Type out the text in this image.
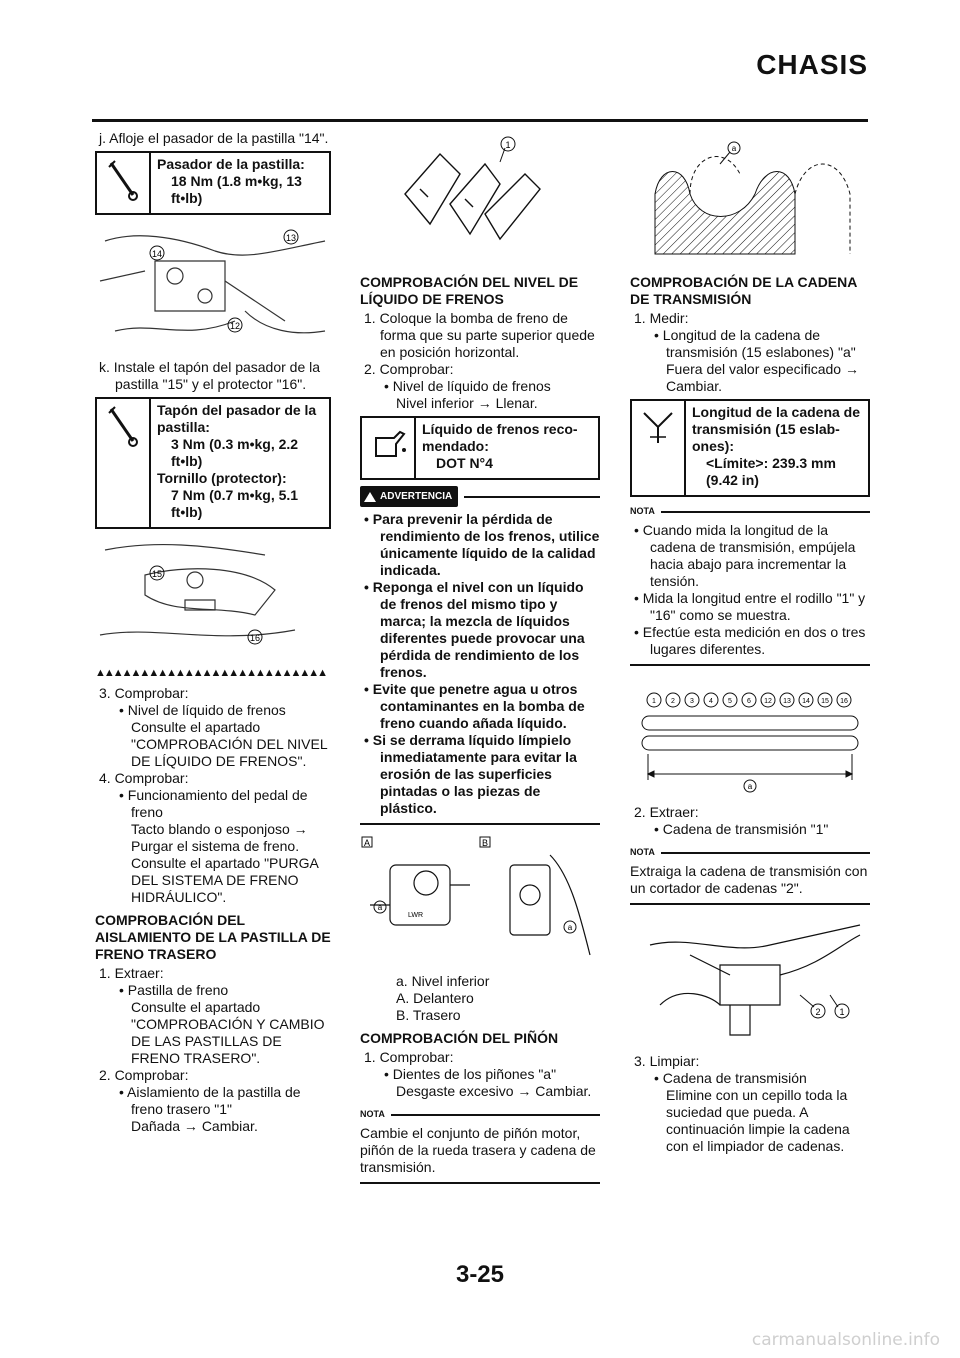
CHASIS

j. Afloje el pasador de la pastilla "14".

Pasador de la pastilla:
18 Nm (1.8 m•kg, 13
ft•lb)
13
14
12

k. Instale el tapón del pasador de la pastilla "15" y el protector "16".

Tapón del pasador de la
pastilla:
3 Nm (0.3 m•kg, 2.2
ft•lb)
Tornillo (protector):
7 Nm (0.7 m•kg, 5.1
ft•lb)
15
16
▲▲▲▲▲▲▲▲▲▲▲▲▲▲▲▲▲▲▲▲▲▲▲▲▲▲

3. Comprobar:

• Nivel de líquido de frenos

Consulte el apartado "COMPROBACIÓN DEL NIVEL DE LÍQUIDO DE FRENOS".

4. Comprobar:

• Funcionamiento del pedal de freno

Tacto blando o esponjoso → Purgar el sistema de freno.

Consulte el apartado "PURGA DEL SISTEMA DE FRENO HIDRÁULICO".

COMPROBACIÓN DEL AISLAMIENTO DE LA PASTILLA DE FRENO TRASERO

1. Extraer:

• Pastilla de freno

Consulte el apartado "COMPROBACIÓN Y CAMBIO DE LAS PASTILLAS DE FRENO TRASERO".

2. Comprobar:

• Aislamiento de la pastilla de freno trasero "1"

Dañada → Cambiar.

1

COMPROBACIÓN DEL NIVEL DE LÍQUIDO DE FRENOS

1. Coloque la bomba de freno de forma que su parte superior quede en posición horizontal.

2. Comprobar:

• Nivel de líquido de frenos

Nivel inferior → Llenar.

Líquido de frenos reco-
mendado:
DOT N°4
ADVERTENCIA

• Para prevenir la pérdida de rendimiento de los frenos, utilice únicamente líquido de la calidad indicada.

• Reponga el nivel con un líquido de frenos del mismo tipo y marca; la mezcla de líquidos diferentes puede provocar una pérdida de rendimiento de los frenos.

• Evite que penetre agua u otros contaminantes en la bomba de freno cuando añada líquido.

• Si se derrama líquido límpielo inmediatamente para evitar la erosión de las superficies pintadas o las piezas de plástico.

A	B
LWR
a
a

a. Nivel inferior

A. Delantero

B. Trasero

COMPROBACIÓN DEL PIÑÓN

1. Comprobar:

• Dientes de los piñones "a"

Desgaste excesivo → Cambiar.

NOTA

Cambie el conjunto de piñón motor, piñón de la rueda trasera y cadena de transmisión.

a

COMPROBACIÓN DE LA CADENA DE TRANSMISIÓN

1. Medir:

• Longitud de la cadena de transmisión (15 eslabones) "a"

Fuera del valor especificado → Cambiar.

Longitud de la cadena de
transmisión (15 eslab-
ones):
<Límite>: 239.3 mm
(9.42 in)
NOTA

• Cuando mida la longitud de la cadena de transmisión, empújela hacia abajo para incrementar la tensión.

• Mida la longitud entre el rodillo "1" y "16" como se muestra.

• Efectúe esta medición en dos o tres lugares diferentes.

1 2 3 4 5 6 12 13 14 15 16
a

2. Extraer:

• Cadena de transmisión "1"

NOTA

Extraiga la cadena de transmisión con un cortador de cadenas "2".

2 1

3. Limpiar:

• Cadena de transmisión

Elimine con un cepillo toda la suciedad que pueda. A continuación limpie la cadena con el limpiador de cadenas.

3-25
carmanualsonline.info
